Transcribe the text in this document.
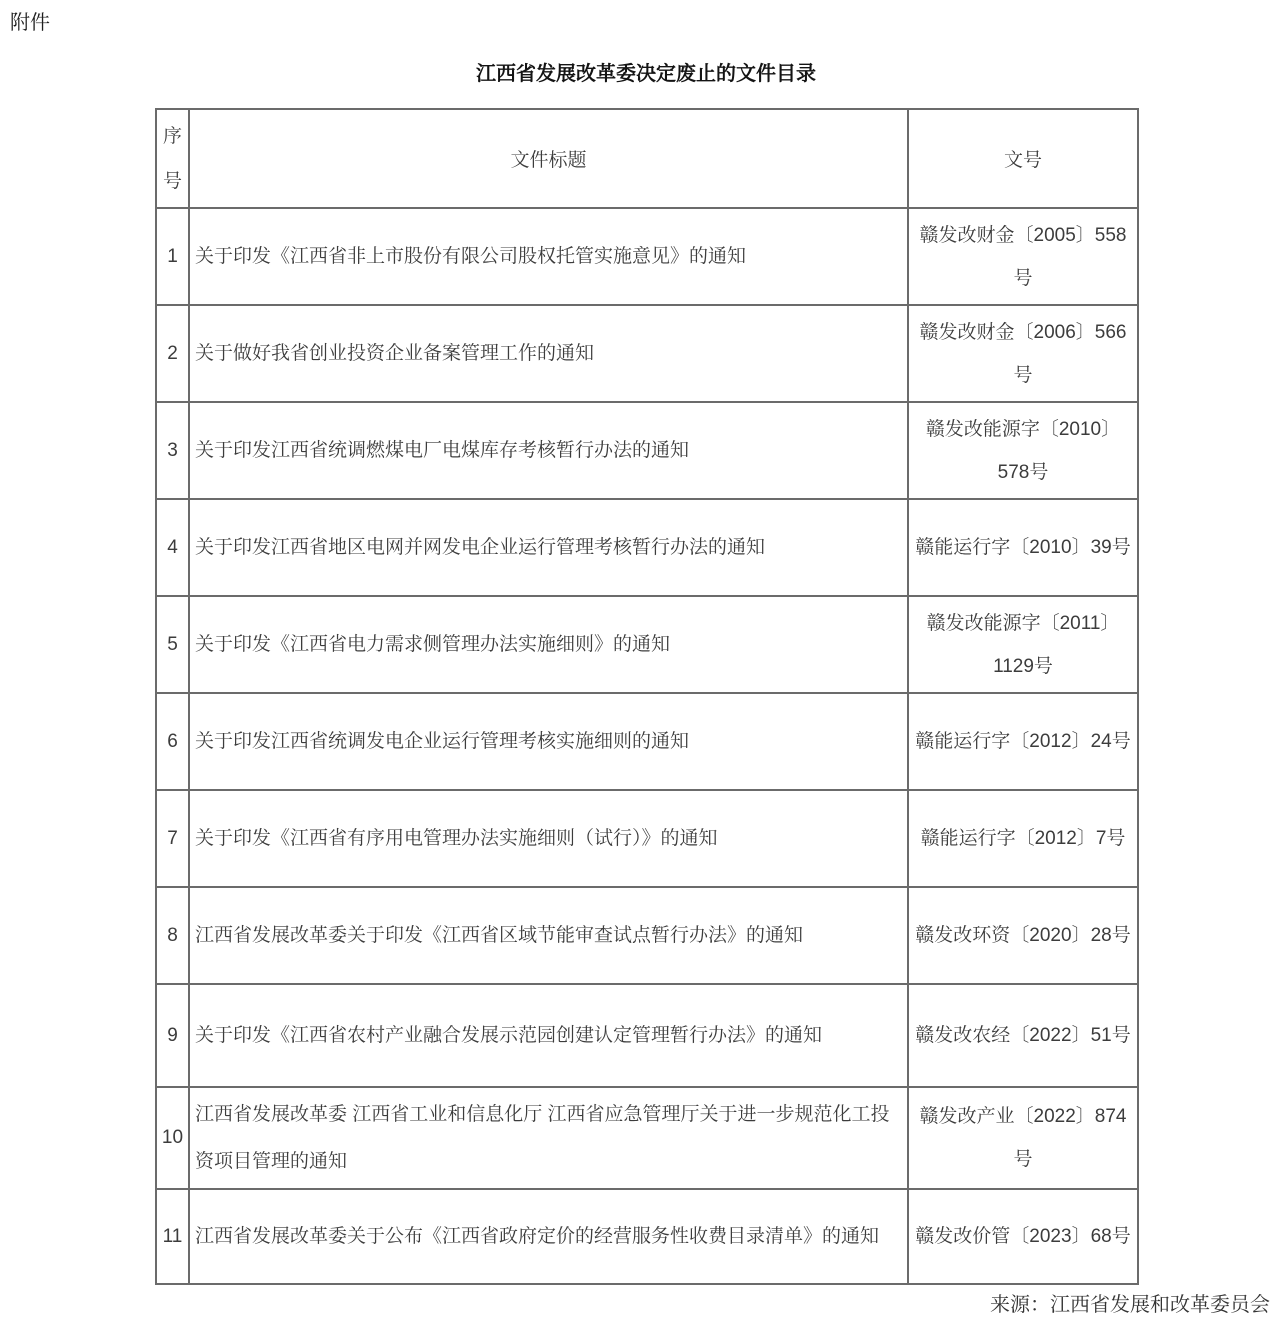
附件
江西省发展改革委决定废止的文件目录
序号	文件标题	文号
1	关于印发《江西省非上市股份有限公司股权托管实施意见》的通知	赣发改财金〔2005〕558号
2	关于做好我省创业投资企业备案管理工作的通知	赣发改财金〔2006〕566号
3	关于印发江西省统调燃煤电厂电煤库存考核暂行办法的通知	赣发改能源字〔2010〕578号
4	关于印发江西省地区电网并网发电企业运行管理考核暂行办法的通知	赣能运行字〔2010〕39号
5	关于印发《江西省电力需求侧管理办法实施细则》的通知	赣发改能源字〔2011〕1129号
6	关于印发江西省统调发电企业运行管理考核实施细则的通知	赣能运行字〔2012〕24号
7	关于印发《江西省有序用电管理办法实施细则（试行）》的通知	赣能运行字〔2012〕7号
8	江西省发展改革委关于印发《江西省区域节能审查试点暂行办法》的通知	赣发改环资〔2020〕28号
9	关于印发《江西省农村产业融合发展示范园创建认定管理暂行办法》的通知	赣发改农经〔2022〕51号
10	江西省发展改革委 江西省工业和信息化厅 江西省应急管理厅关于进一步规范化工投资项目管理的通知	赣发改产业〔2022〕874号
11	江西省发展改革委关于公布《江西省政府定价的经营服务性收费目录清单》的通知	赣发改价管〔2023〕68号
来源：江西省发展和改革委员会
